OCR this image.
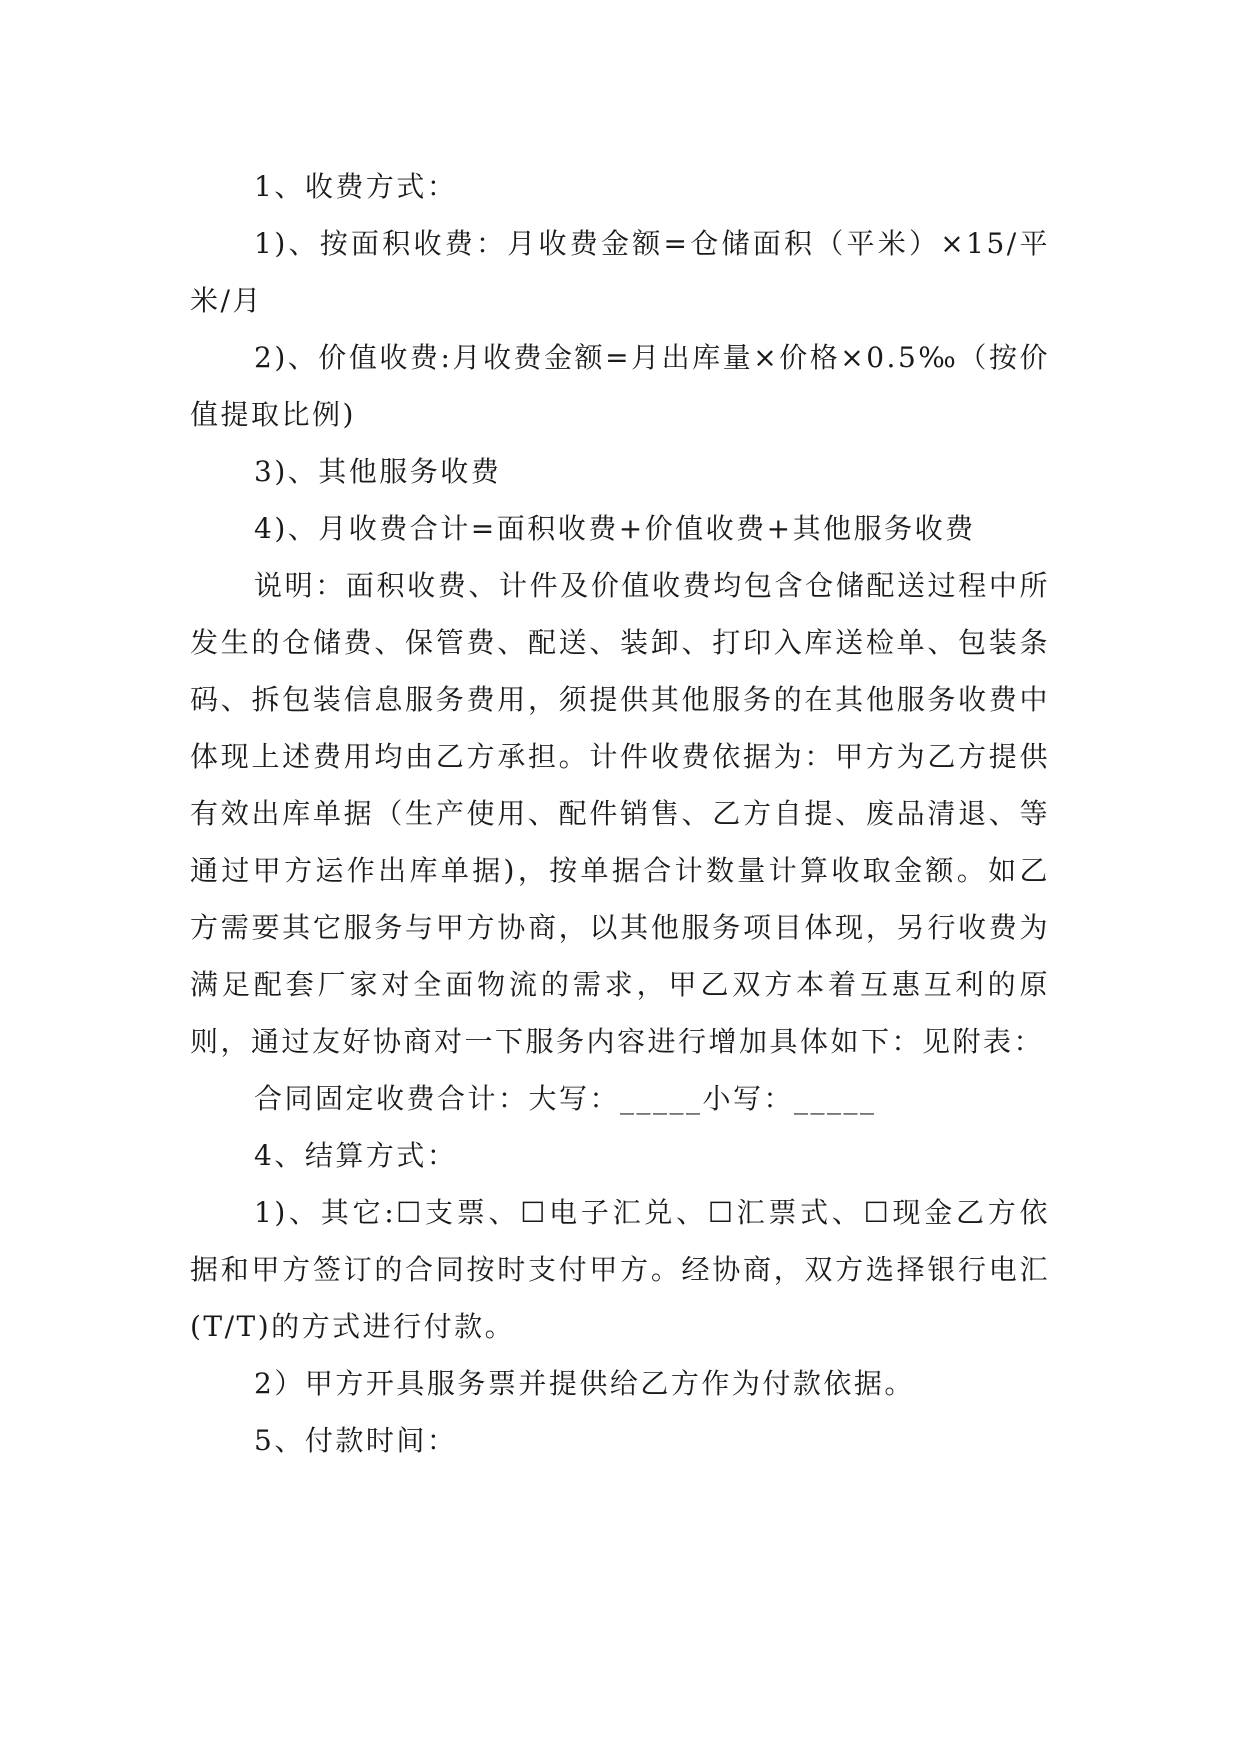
1、收费方式：

1)、按面积收费：月收费金额=仓储面积（平米）×15/平米/月

2)、价值收费:月收费金额=月出库量×价格×0.5‰（按价值提取比例)

3)、其他服务收费

4)、月收费合计=面积收费+价值收费+其他服务收费

说明：面积收费、计件及价值收费均包含仓储配送过程中所发生的仓储费、保管费、配送、装卸、打印入库送检单、包装条码、拆包装信息服务费用，须提供其他服务的在其他服务收费中体现上述费用均由乙方承担。计件收费依据为：甲方为乙方提供有效出库单据（生产使用、配件销售、乙方自提、废品清退、等通过甲方运作出库单据)，按单据合计数量计算收取金额。如乙方需要其它服务与甲方协商，以其他服务项目体现，另行收费为满足配套厂家对全面物流的需求，甲乙双方本着互惠互利的原则，通过友好协商对一下服务内容进行增加具体如下：见附表：

合同固定收费合计：大写：_____小写：_____

4、结算方式：

1)、其它:☐支票、☐电子汇兑、☐汇票式、☐现金乙方依据和甲方签订的合同按时支付甲方。经协商，双方选择银行电汇(T/T)的方式进行付款。

2）甲方开具服务票并提供给乙方作为付款依据。

5、付款时间：
